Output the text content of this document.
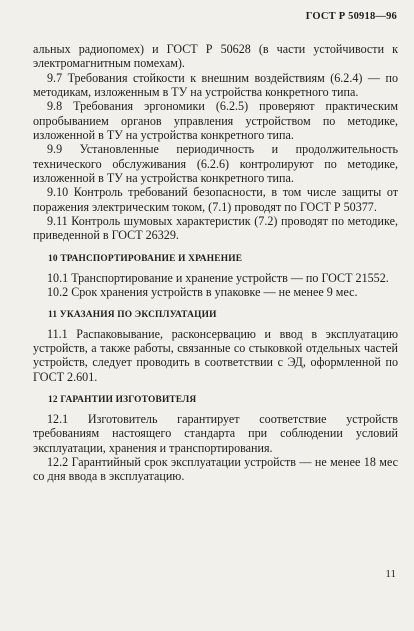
ГОСТ Р 50918—96

альных радиопомех) и ГОСТ Р 50628 (в части устойчивости к электромагнитным помехам).

9.7 Требования стойкости к внешним воздействиям (6.2.4) — по методикам, изложенным в ТУ на устройства конкретного типа.

9.8 Требования эргономики (6.2.5) проверяют практическим опробыванием органов управления устройством по методике, изложенной в ТУ на устройства конкретного типа.

9.9 Установленные периодичность и продолжительность технического обслуживания (6.2.6) контролируют по методике, изложенной в ТУ на устройства конкретного типа.

9.10 Контроль требований безопасности, в том числе защиты от поражения электрическим током, (7.1) проводят по ГОСТ Р 50377.

9.11 Контроль шумовых характеристик (7.2) проводят по методике, приведенной в ГОСТ 26329.

10 ТРАНСПОРТИРОВАНИЕ И ХРАНЕНИЕ

10.1 Транспортирование и хранение устройств — по ГОСТ 21552.

10.2 Срок хранения устройств в упаковке — не менее 9 мес.

11 УКАЗАНИЯ ПО ЭКСПЛУАТАЦИИ

11.1 Распаковывание, расконсервацию и ввод в эксплуатацию устройств, а также работы, связанные со стыковкой отдельных частей устройств, следует проводить в соответствии с ЭД, оформленной по ГОСТ 2.601.

12 ГАРАНТИИ ИЗГОТОВИТЕЛЯ

12.1 Изготовитель гарантирует соответствие устройств требованиям настоящего стандарта при соблюдении условий эксплуатации, хранения и транспортирования.

12.2 Гарантийный срок эксплуатации устройств — не менее 18 мес со дня ввода в эксплуатацию.

11
